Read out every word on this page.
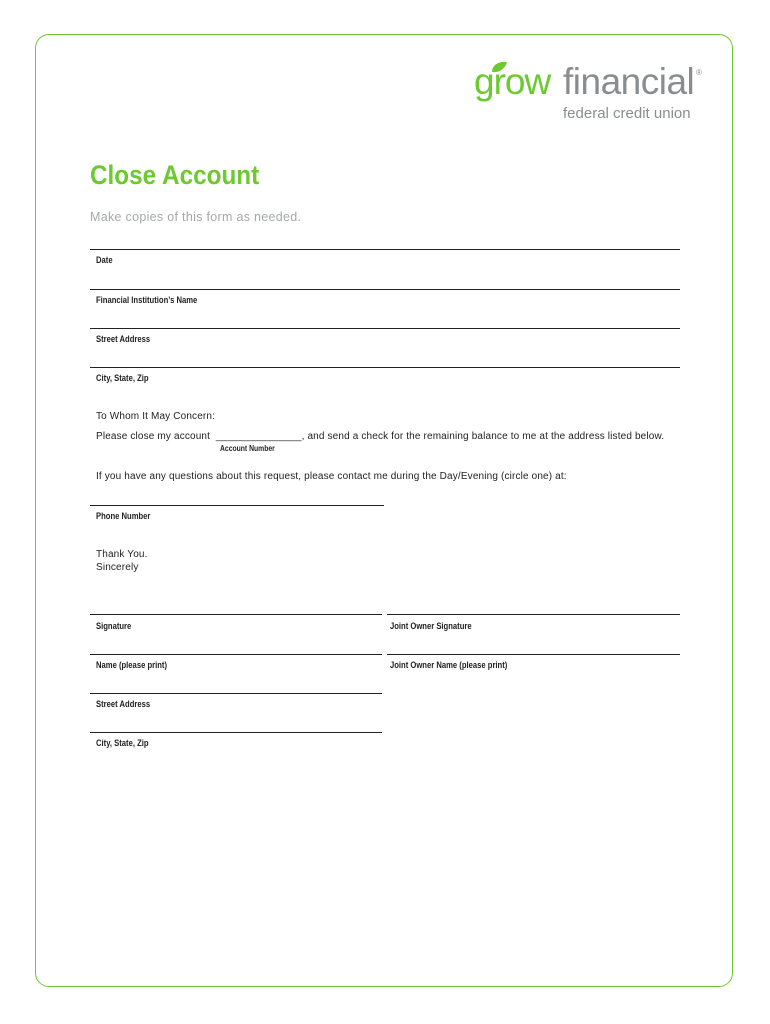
grow financial ®
federal credit union
Close Account
Make copies of this form as needed.
Date
Financial Institution’s Name
Street Address
City, State, Zip
To Whom It May Concern:
Please close my account _______________, and send a check for the remaining balance to me at the address listed below.
Account Number
If you have any questions about this request, please contact me during the Day/Evening (circle one) at:
Phone Number
Thank You.
Sincerely
Signature	Joint Owner Signature
Name (please print)	Joint Owner Name (please print)
Street Address
City, State, Zip
